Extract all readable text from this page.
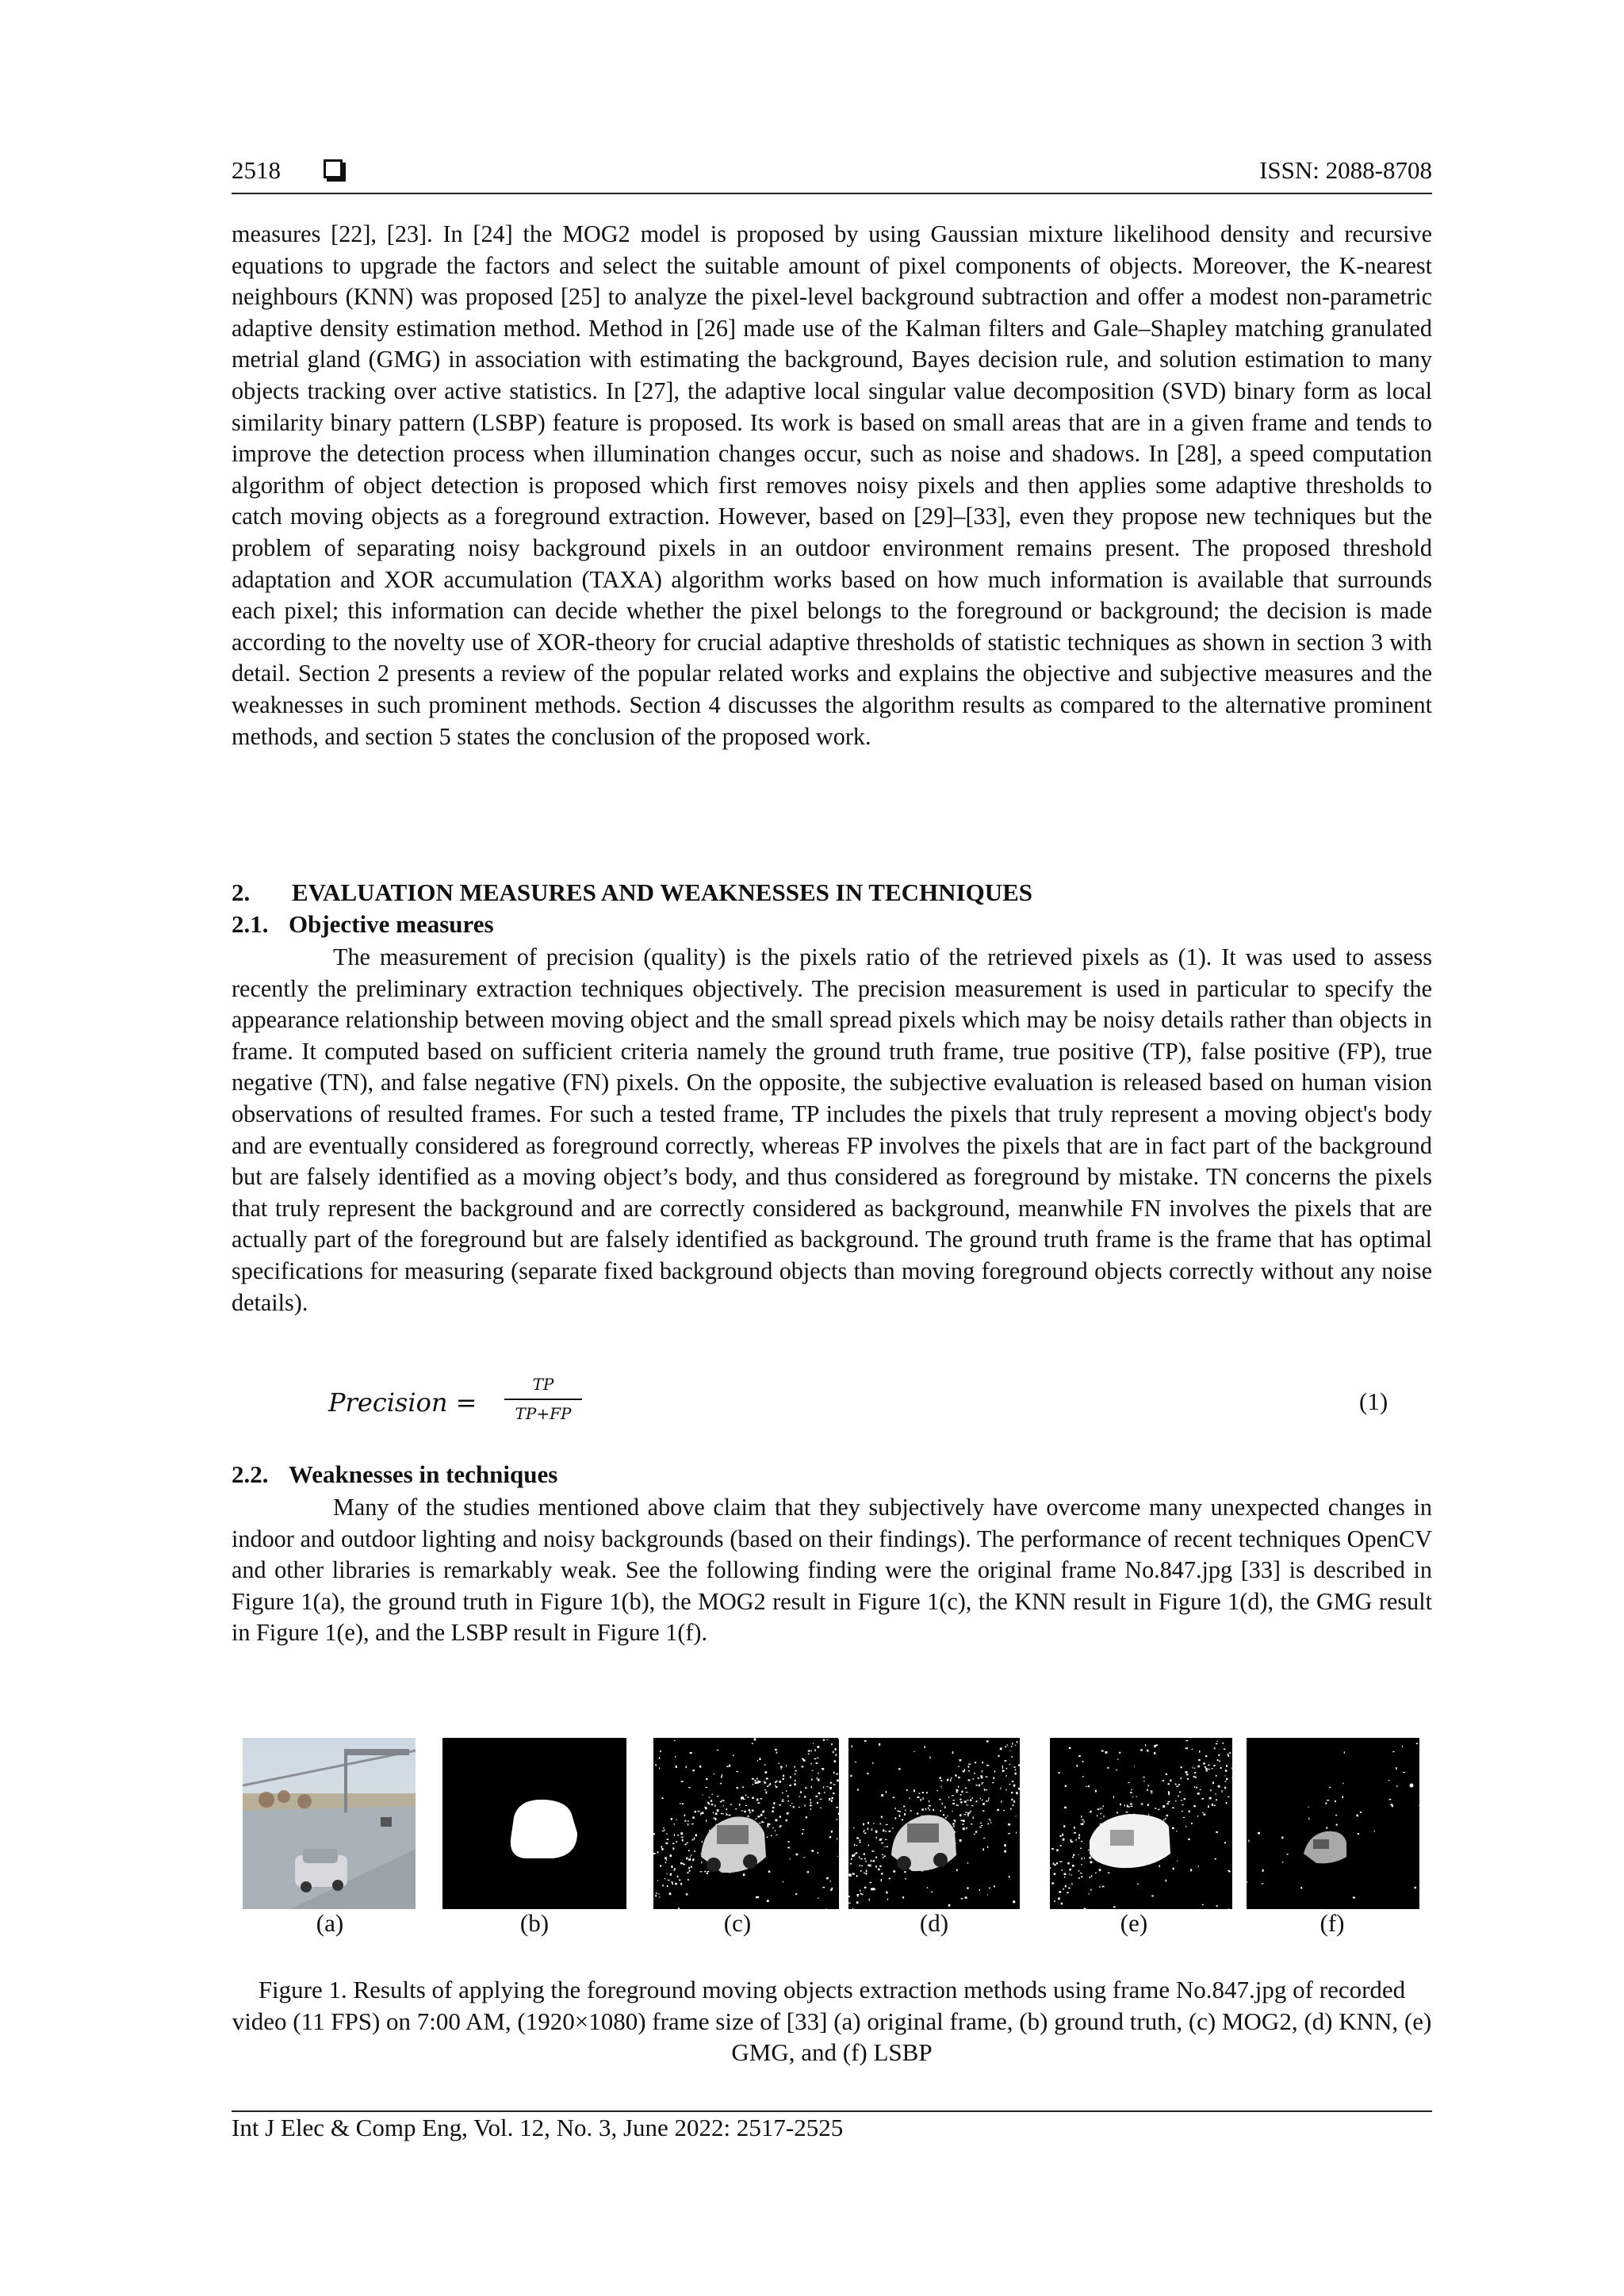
2518	ISSN: 2088-8708
measures [22], [23]. In [24] the MOG2 model is proposed by using Gaussian mixture likelihood density and recursive equations to upgrade the factors and select the suitable amount of pixel components of objects. Moreover, the K-nearest neighbours (KNN) was proposed [25] to analyze the pixel-level background subtraction and offer a modest non-parametric adaptive density estimation method. Method in [26] made use of the Kalman filters and Gale–Shapley matching granulated metrial gland (GMG) in association with estimating the background, Bayes decision rule, and solution estimation to many objects tracking over active statistics. In [27], the adaptive local singular value decomposition (SVD) binary form as local similarity binary pattern (LSBP) feature is proposed. Its work is based on small areas that are in a given frame and tends to improve the detection process when illumination changes occur, such as noise and shadows. In [28], a speed computation algorithm of object detection is proposed which first removes noisy pixels and then applies some adaptive thresholds to catch moving objects as a foreground extraction. However, based on [29]–[33], even they propose new techniques but the problem of separating noisy background pixels in an outdoor environment remains present. The proposed threshold adaptation and XOR accumulation (TAXA) algorithm works based on how much information is available that surrounds each pixel; this information can decide whether the pixel belongs to the foreground or background; the decision is made according to the novelty use of XOR-theory for crucial adaptive thresholds of statistic techniques as shown in section 3 with detail. Section 2 presents a review of the popular related works and explains the objective and subjective measures and the weaknesses in such prominent methods. Section 4 discusses the algorithm results as compared to the alternative prominent methods, and section 5 states the conclusion of the proposed work.
2. EVALUATION MEASURES AND WEAKNESSES IN TECHNIQUES
2.1. Objective measures
The measurement of precision (quality) is the pixels ratio of the retrieved pixels as (1). It was used to assess recently the preliminary extraction techniques objectively. The precision measurement is used in particular to specify the appearance relationship between moving object and the small spread pixels which may be noisy details rather than objects in frame. It computed based on sufficient criteria namely the ground truth frame, true positive (TP), false positive (FP), true negative (TN), and false negative (FN) pixels. On the opposite, the subjective evaluation is released based on human vision observations of resulted frames. For such a tested frame, TP includes the pixels that truly represent a moving object's body and are eventually considered as foreground correctly, whereas FP involves the pixels that are in fact part of the background but are falsely identified as a moving object’s body, and thus considered as foreground by mistake. TN concerns the pixels that truly represent the background and are correctly considered as background, meanwhile FN involves the pixels that are actually part of the foreground but are falsely identified as background. The ground truth frame is the frame that has optimal specifications for measuring (separate fixed background objects than moving foreground objects correctly without any noise details).
Precision =
TP
TP+FP	(1)
2.2. Weaknesses in techniques
Many of the studies mentioned above claim that they subjectively have overcome many unexpected changes in indoor and outdoor lighting and noisy backgrounds (based on their findings). The performance of recent techniques OpenCV and other libraries is remarkably weak. See the following finding were the original frame No.847.jpg [33] is described in Figure 1(a), the ground truth in Figure 1(b), the MOG2 result in Figure 1(c), the KNN result in Figure 1(d), the GMG result in Figure 1(e), and the LSBP result in Figure 1(f).
(a)	(b)	(c)	(d)	(e)	(f)
Figure 1. Results of applying the foreground moving objects extraction methods using frame No.847.jpg of recorded video (11 FPS) on 7:00 AM, (1920×1080) frame size of [33] (a) original frame, (b) ground truth, (c) MOG2, (d) KNN, (e) GMG, and (f) LSBP
Int J Elec & Comp Eng, Vol. 12, No. 3, June 2022: 2517-2525
